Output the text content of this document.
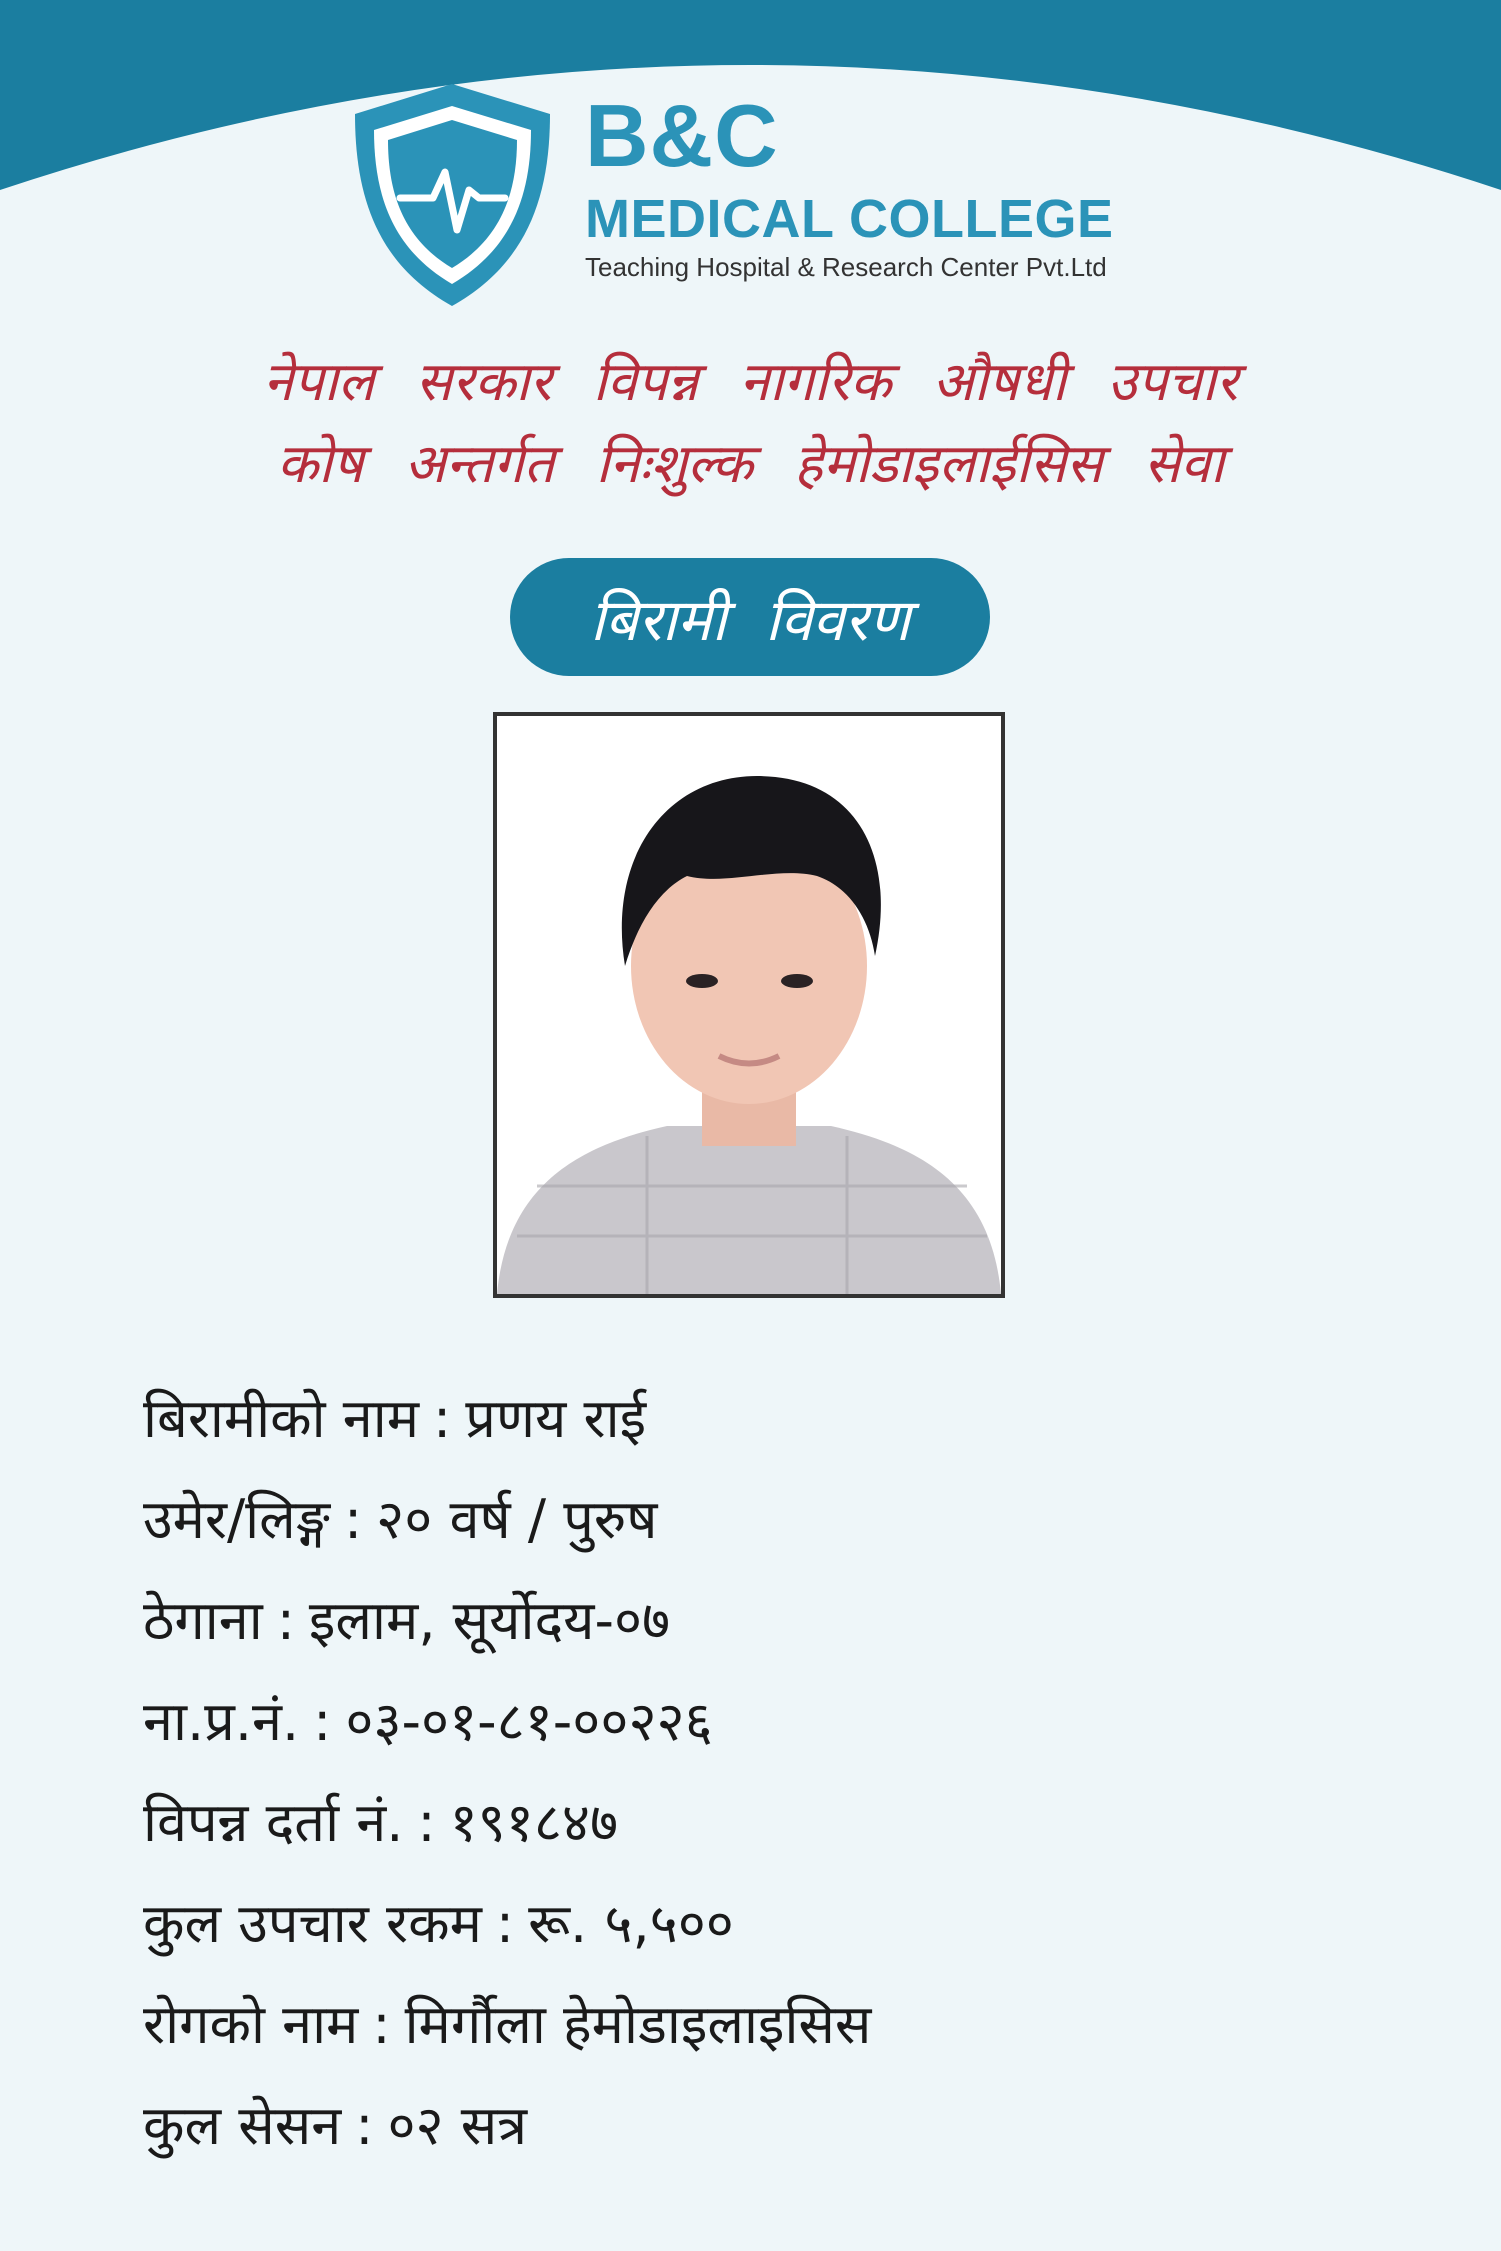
B&C
MEDICAL COLLEGE
Teaching Hospital & Research Center Pvt.Ltd
नेपाल सरकार विपन्न नागरिक औषधी उपचार
कोष अन्तर्गत निःशुल्क हेमोडाइलाईसिस सेवा
बिरामी विवरण
बिरामीको नाम : प्रणय राई
उमेर/लिङ्ग : २० वर्ष / पुरुष
ठेगाना : इलाम, सूर्योदय-०७
ना.प्र.नं. : ०३-०१-८१-००२२६
विपन्न दर्ता नं. : १९१८४७
कुल उपचार रकम : रू. ५,५००
रोगको नाम : मिर्गौला हेमोडाइलाइसिस
कुल सेसन : ०२ सत्र
